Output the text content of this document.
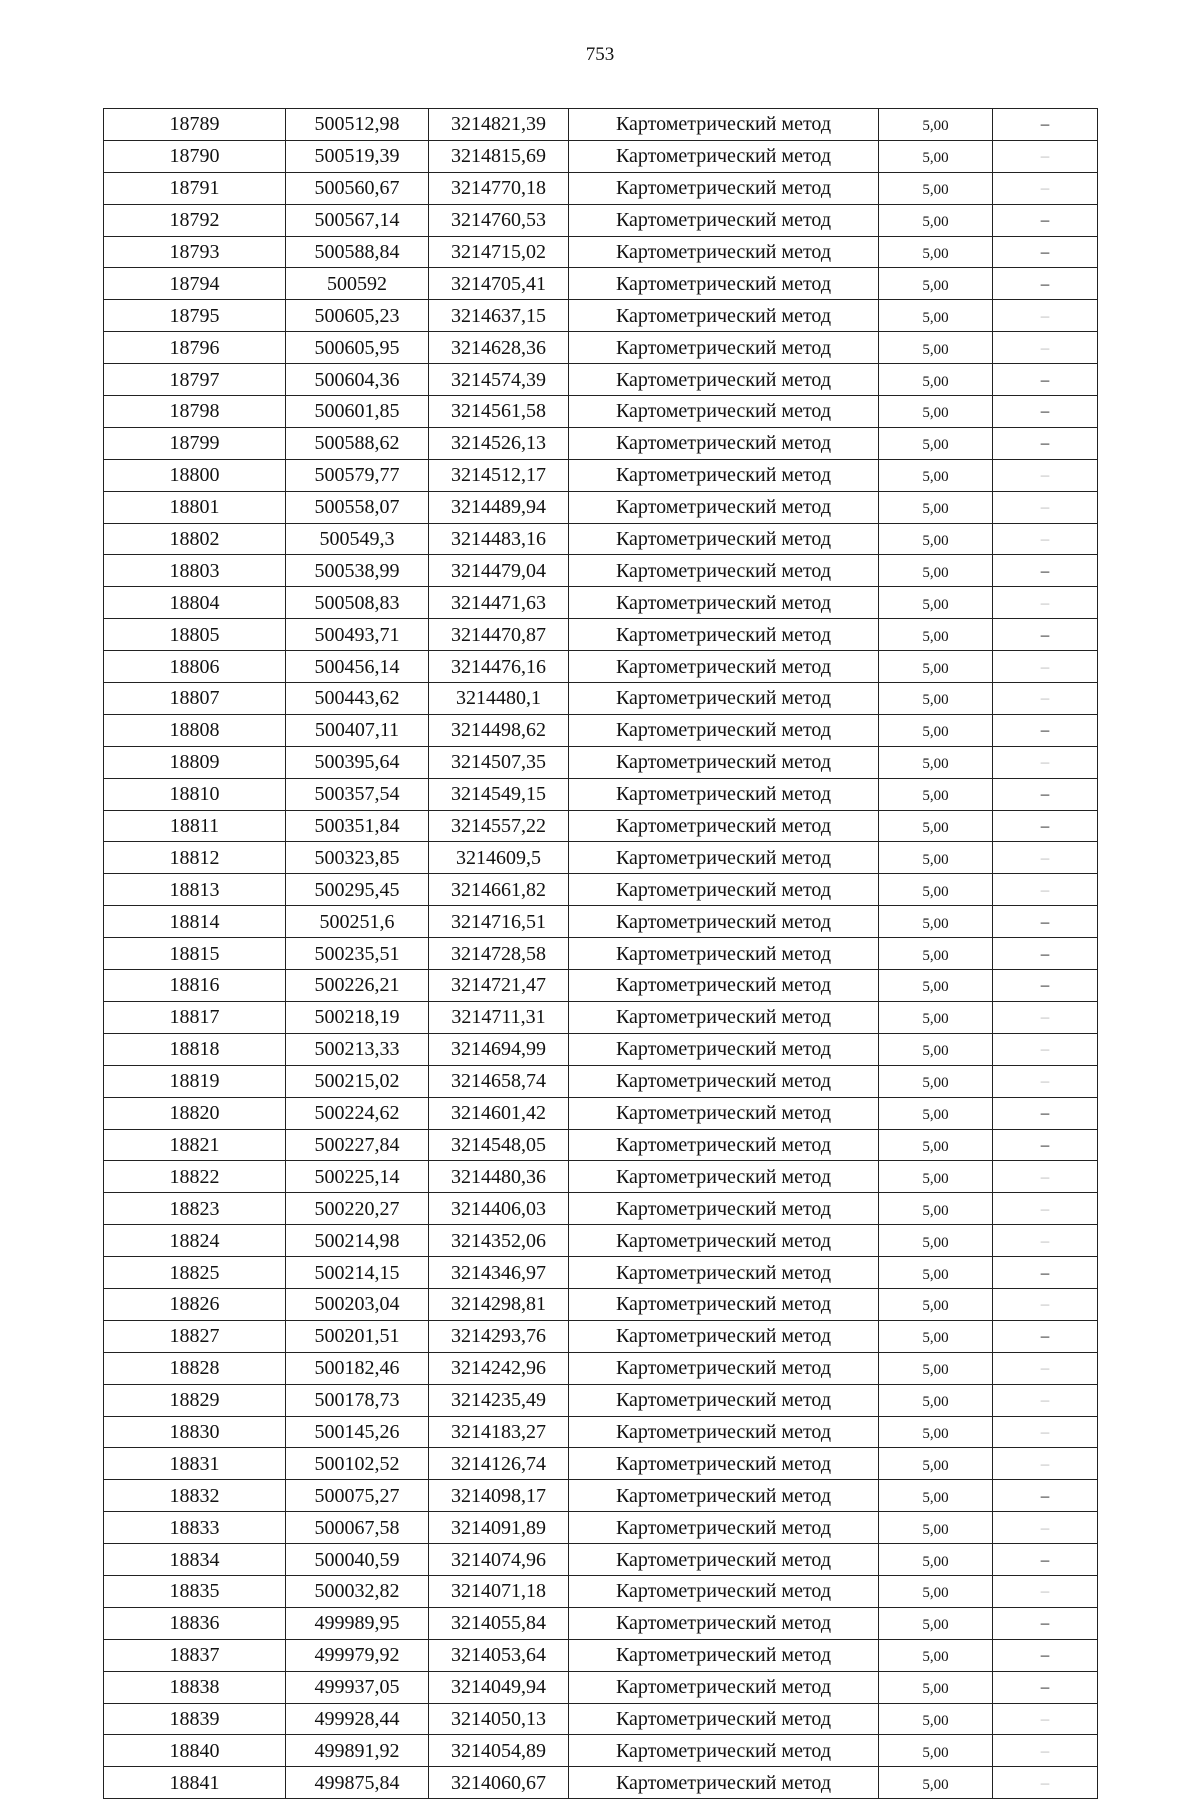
753
18789	500512,98	3214821,39	Картометрический метод	5,00	–
18790	500519,39	3214815,69	Картометрический метод	5,00	–
18791	500560,67	3214770,18	Картометрический метод	5,00	–
18792	500567,14	3214760,53	Картометрический метод	5,00	–
18793	500588,84	3214715,02	Картометрический метод	5,00	–
18794	500592	3214705,41	Картометрический метод	5,00	–
18795	500605,23	3214637,15	Картометрический метод	5,00	–
18796	500605,95	3214628,36	Картометрический метод	5,00	–
18797	500604,36	3214574,39	Картометрический метод	5,00	–
18798	500601,85	3214561,58	Картометрический метод	5,00	–
18799	500588,62	3214526,13	Картометрический метод	5,00	–
18800	500579,77	3214512,17	Картометрический метод	5,00	–
18801	500558,07	3214489,94	Картометрический метод	5,00	–
18802	500549,3	3214483,16	Картометрический метод	5,00	–
18803	500538,99	3214479,04	Картометрический метод	5,00	–
18804	500508,83	3214471,63	Картометрический метод	5,00	–
18805	500493,71	3214470,87	Картометрический метод	5,00	–
18806	500456,14	3214476,16	Картометрический метод	5,00	–
18807	500443,62	3214480,1	Картометрический метод	5,00	–
18808	500407,11	3214498,62	Картометрический метод	5,00	–
18809	500395,64	3214507,35	Картометрический метод	5,00	–
18810	500357,54	3214549,15	Картометрический метод	5,00	–
18811	500351,84	3214557,22	Картометрический метод	5,00	–
18812	500323,85	3214609,5	Картометрический метод	5,00	–
18813	500295,45	3214661,82	Картометрический метод	5,00	–
18814	500251,6	3214716,51	Картометрический метод	5,00	–
18815	500235,51	3214728,58	Картометрический метод	5,00	–
18816	500226,21	3214721,47	Картометрический метод	5,00	–
18817	500218,19	3214711,31	Картометрический метод	5,00	–
18818	500213,33	3214694,99	Картометрический метод	5,00	–
18819	500215,02	3214658,74	Картометрический метод	5,00	–
18820	500224,62	3214601,42	Картометрический метод	5,00	–
18821	500227,84	3214548,05	Картометрический метод	5,00	–
18822	500225,14	3214480,36	Картометрический метод	5,00	–
18823	500220,27	3214406,03	Картометрический метод	5,00	–
18824	500214,98	3214352,06	Картометрический метод	5,00	–
18825	500214,15	3214346,97	Картометрический метод	5,00	–
18826	500203,04	3214298,81	Картометрический метод	5,00	–
18827	500201,51	3214293,76	Картометрический метод	5,00	–
18828	500182,46	3214242,96	Картометрический метод	5,00	–
18829	500178,73	3214235,49	Картометрический метод	5,00	–
18830	500145,26	3214183,27	Картометрический метод	5,00	–
18831	500102,52	3214126,74	Картометрический метод	5,00	–
18832	500075,27	3214098,17	Картометрический метод	5,00	–
18833	500067,58	3214091,89	Картометрический метод	5,00	–
18834	500040,59	3214074,96	Картометрический метод	5,00	–
18835	500032,82	3214071,18	Картометрический метод	5,00	–
18836	499989,95	3214055,84	Картометрический метод	5,00	–
18837	499979,92	3214053,64	Картометрический метод	5,00	–
18838	499937,05	3214049,94	Картометрический метод	5,00	–
18839	499928,44	3214050,13	Картометрический метод	5,00	–
18840	499891,92	3214054,89	Картометрический метод	5,00	–
18841	499875,84	3214060,67	Картометрический метод	5,00	–
